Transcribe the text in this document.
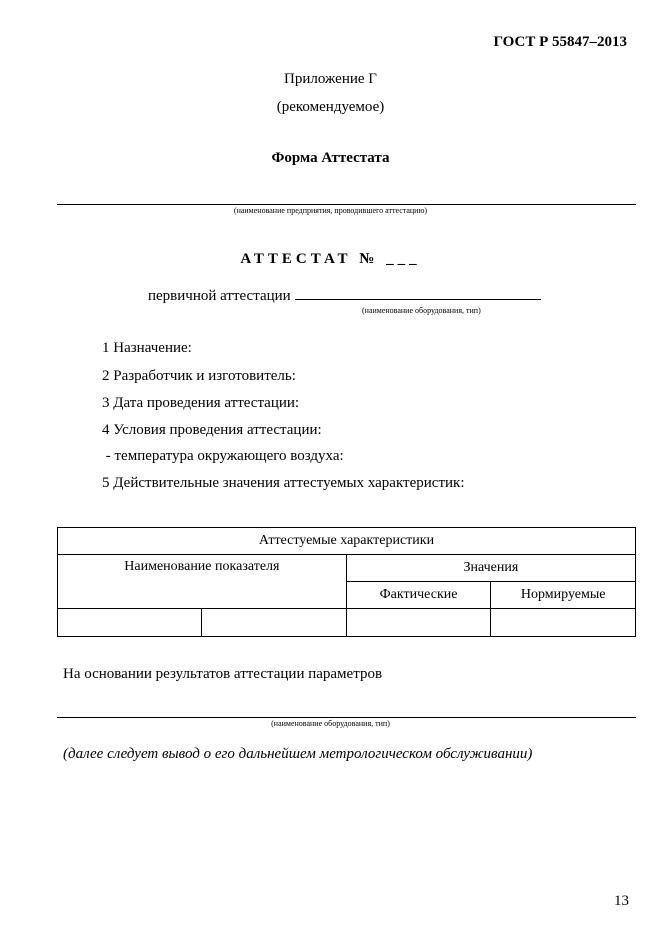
ГОСТ Р 55847–2013
Приложение Г
(рекомендуемое)
Форма Аттестата
(наименование предприятия, проводившего аттестацию)
АТТЕСТАТ № ___
первичной аттестации
(наименование оборудования, тип)
1 Назначение:
2 Разработчик и изготовитель:
3 Дата проведения аттестации:
4 Условия проведения аттестации:
- температура окружающего воздуха:
5 Действительные значения аттестуемых характеристик:
Аттестуемые характеристики			
Наименование показателя		Значения	
		Фактические	Нормируемые

На основании результатов аттестации параметров
(наименование оборудования, тип)
(далее следует вывод о его дальнейшем метрологическом обслуживании)
13
